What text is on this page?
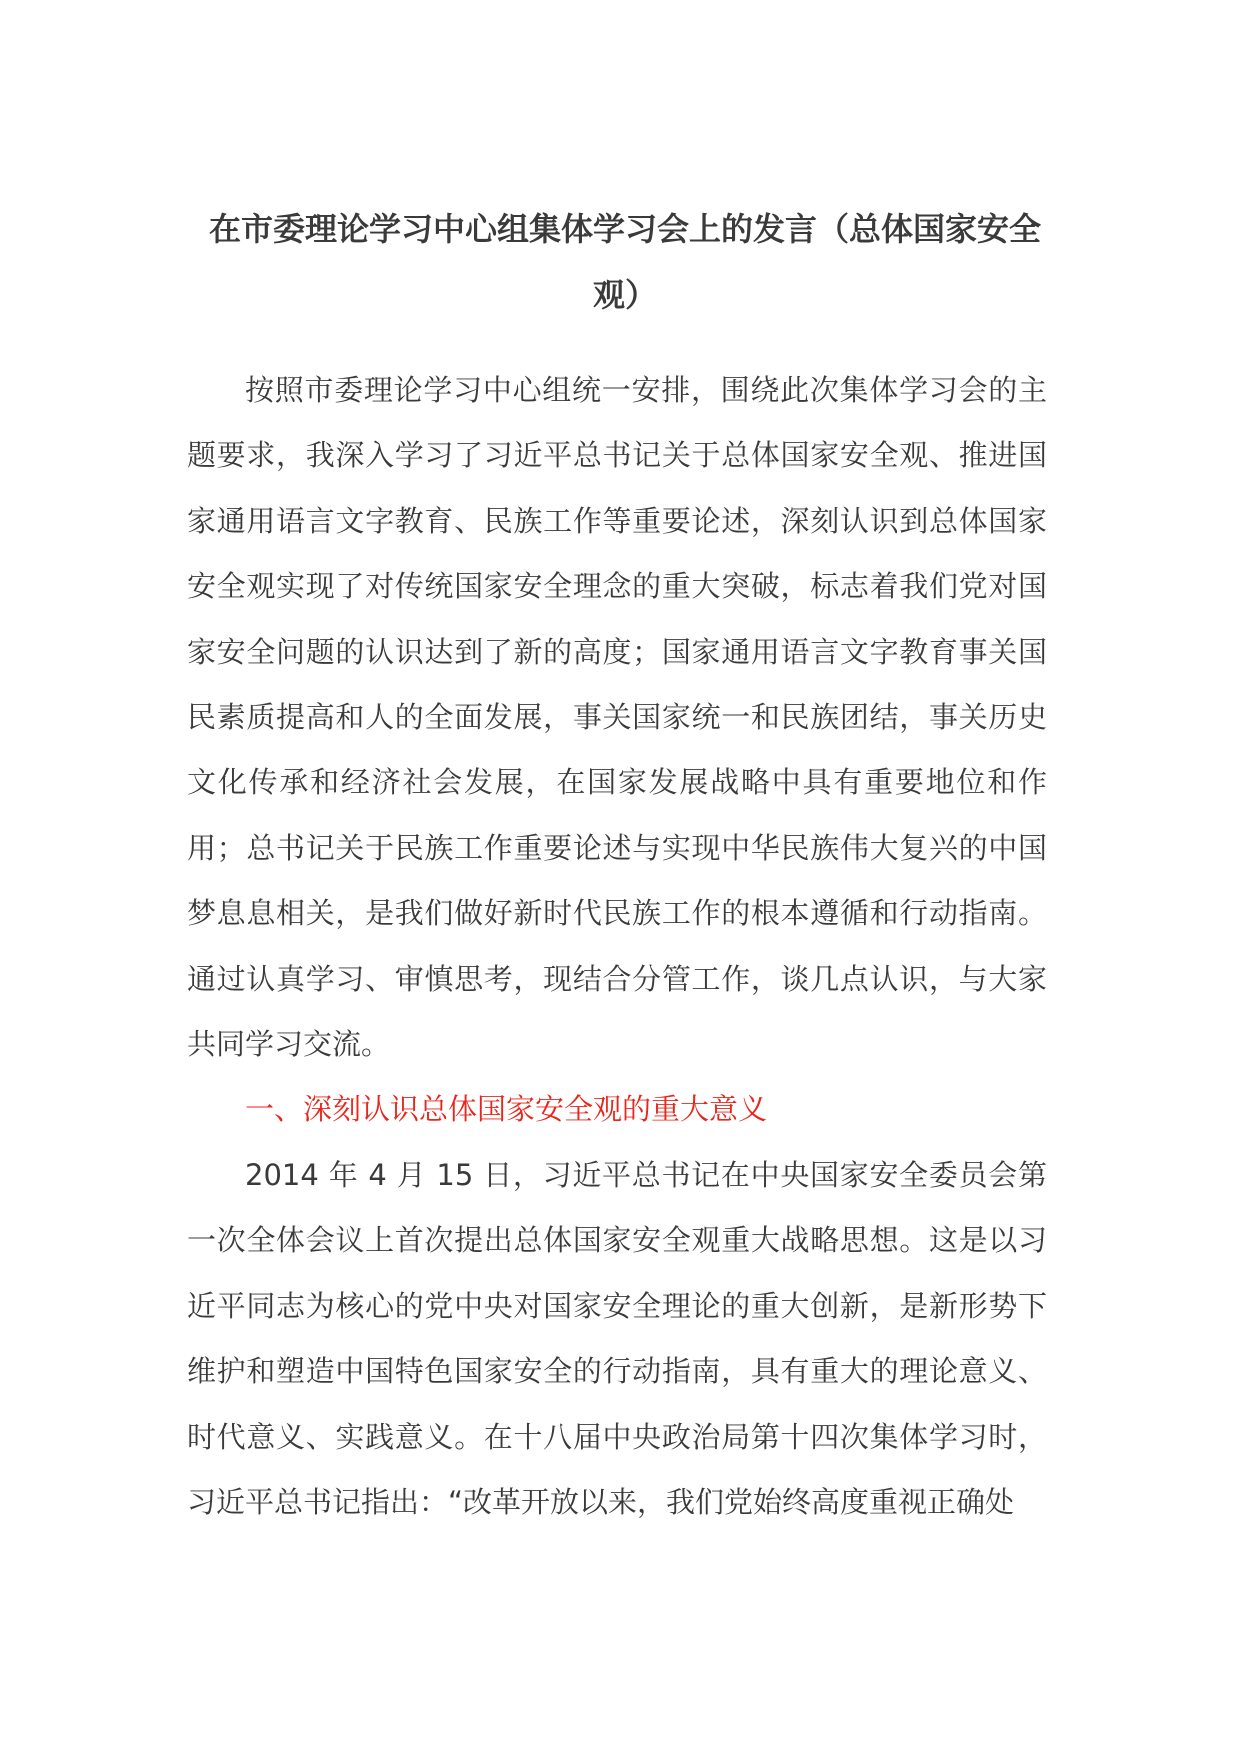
在市委理论学习中心组集体学习会上的发言（总体国家安全观）

按照市委理论学习中心组统一安排，围绕此次集体学习会的主题要求，我深入学习了习近平总书记关于总体国家安全观、推进国家通用语言文字教育、民族工作等重要论述，深刻认识到总体国家安全观实现了对传统国家安全理念的重大突破，标志着我们党对国家安全问题的认识达到了新的高度；国家通用语言文字教育事关国民素质提高和人的全面发展，事关国家统一和民族团结，事关历史文化传承和经济社会发展，在国家发展战略中具有重要地位和作用；总书记关于民族工作重要论述与实现中华民族伟大复兴的中国梦息息相关，是我们做好新时代民族工作的根本遵循和行动指南。通过认真学习、审慎思考，现结合分管工作，谈几点认识，与大家共同学习交流。

一、深刻认识总体国家安全观的重大意义

2014 年 4 月 15 日，习近平总书记在中央国家安全委员会第一次全体会议上首次提出总体国家安全观重大战略思想。这是以习近平同志为核心的党中央对国家安全理论的重大创新，是新形势下维护和塑造中国特色国家安全的行动指南，具有重大的理论意义、时代意义、实践意义。在十八届中央政治局第十四次集体学习时，习近平总书记指出：“改革开放以来，我们党始终高度重视正确处
